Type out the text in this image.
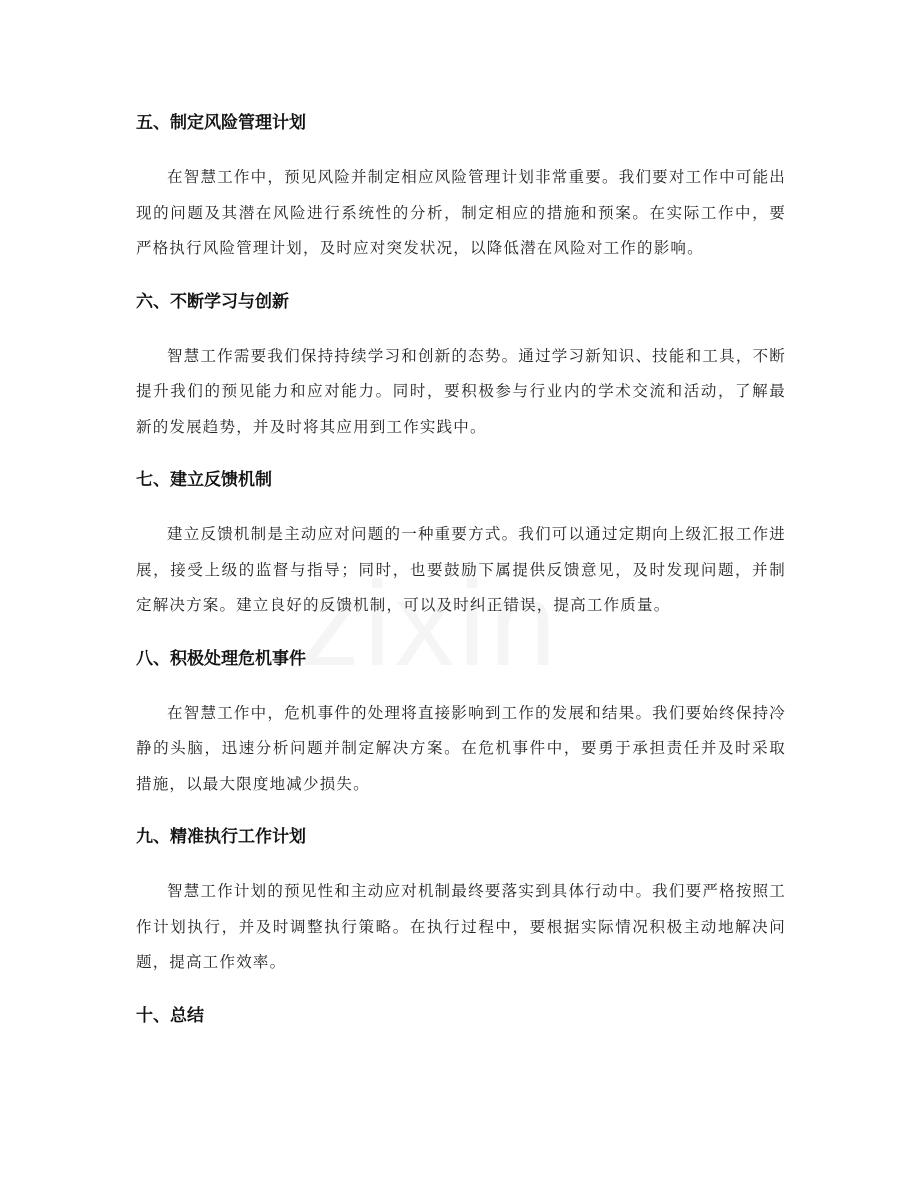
五、制定风险管理计划

在智慧工作中，预见风险并制定相应风险管理计划非常重要。我们要对工作中可能出现的问题及其潜在风险进行系统性的分析，制定相应的措施和预案。在实际工作中，要严格执行风险管理计划，及时应对突发状况，以降低潜在风险对工作的影响。

六、不断学习与创新

智慧工作需要我们保持持续学习和创新的态势。通过学习新知识、技能和工具，不断提升我们的预见能力和应对能力。同时，要积极参与行业内的学术交流和活动，了解最新的发展趋势，并及时将其应用到工作实践中。

七、建立反馈机制

建立反馈机制是主动应对问题的一种重要方式。我们可以通过定期向上级汇报工作进展，接受上级的监督与指导；同时，也要鼓励下属提供反馈意见，及时发现问题，并制定解决方案。建立良好的反馈机制，可以及时纠正错误，提高工作质量。

八、积极处理危机事件

在智慧工作中，危机事件的处理将直接影响到工作的发展和结果。我们要始终保持冷静的头脑，迅速分析问题并制定解决方案。在危机事件中，要勇于承担责任并及时采取措施，以最大限度地减少损失。

九、精准执行工作计划

智慧工作计划的预见性和主动应对机制最终要落实到具体行动中。我们要严格按照工作计划执行，并及时调整执行策略。在执行过程中，要根据实际情况积极主动地解决问题，提高工作效率。

十、总结
